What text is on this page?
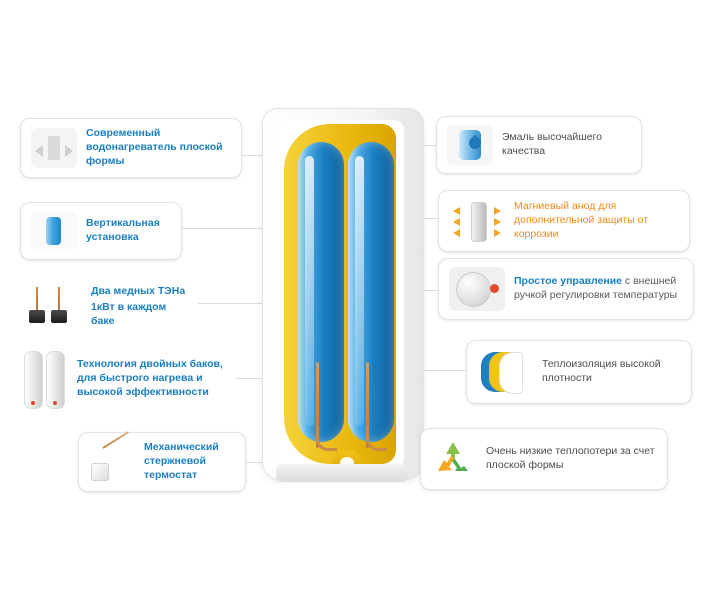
Современный водонагреватель плоской формы
Вертикальная установка
Два медных ТЭНа
1кВт в каждом баке
Технология двойных баков, для быстрого нагрева и высокой эффективности
Механический стержневой термостат
Эмаль высочайшего качества
Магниевый анод для дополнительной защиты от коррозии
Простое управление с внешней ручкой регулировки температуры
Теплоизоляция высокой плотности
Очень низкие теплопотери за счет плоской формы
